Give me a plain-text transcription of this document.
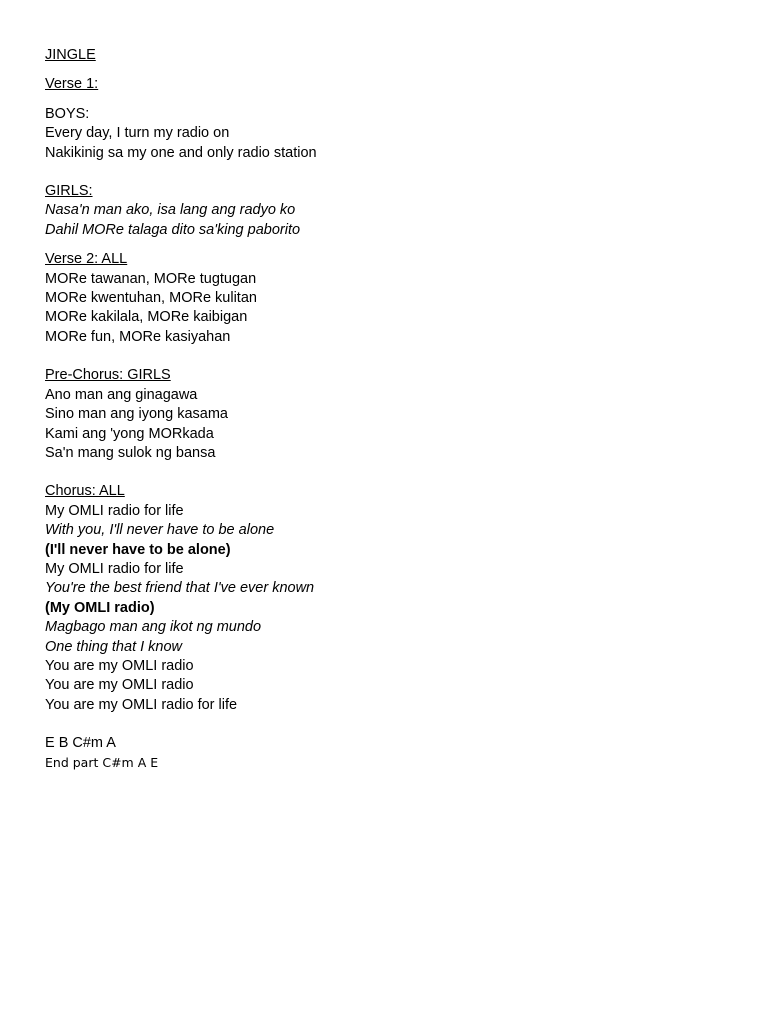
JINGLE
Verse 1:
BOYS:
Every day, I turn my radio on
Nakikinig sa my one and only radio station
GIRLS:
Nasa'n man ako, isa lang ang radyo ko
Dahil MORe talaga dito sa'king paborito
Verse 2: ALL
MORe tawanan, MORe tugtugan
MORe kwentuhan, MORe kulitan
MORe kakilala, MORe kaibigan
MORe fun, MORe kasiyahan
Pre-Chorus: GIRLS
Ano man ang ginagawa
Sino man ang iyong kasama
Kami ang 'yong MORkada
Sa'n mang sulok ng bansa
Chorus: ALL
My OMLI radio for life
With you, I'll never have to be alone
(I'll never have to be alone)
My OMLI radio for life
You're the best friend that I've ever known
(My OMLI radio)
Magbago man ang ikot ng mundo
One thing that I know
You are my OMLI radio
You are my OMLI radio
You are my OMLI radio for life
E B C#m A
End part C#m A E
